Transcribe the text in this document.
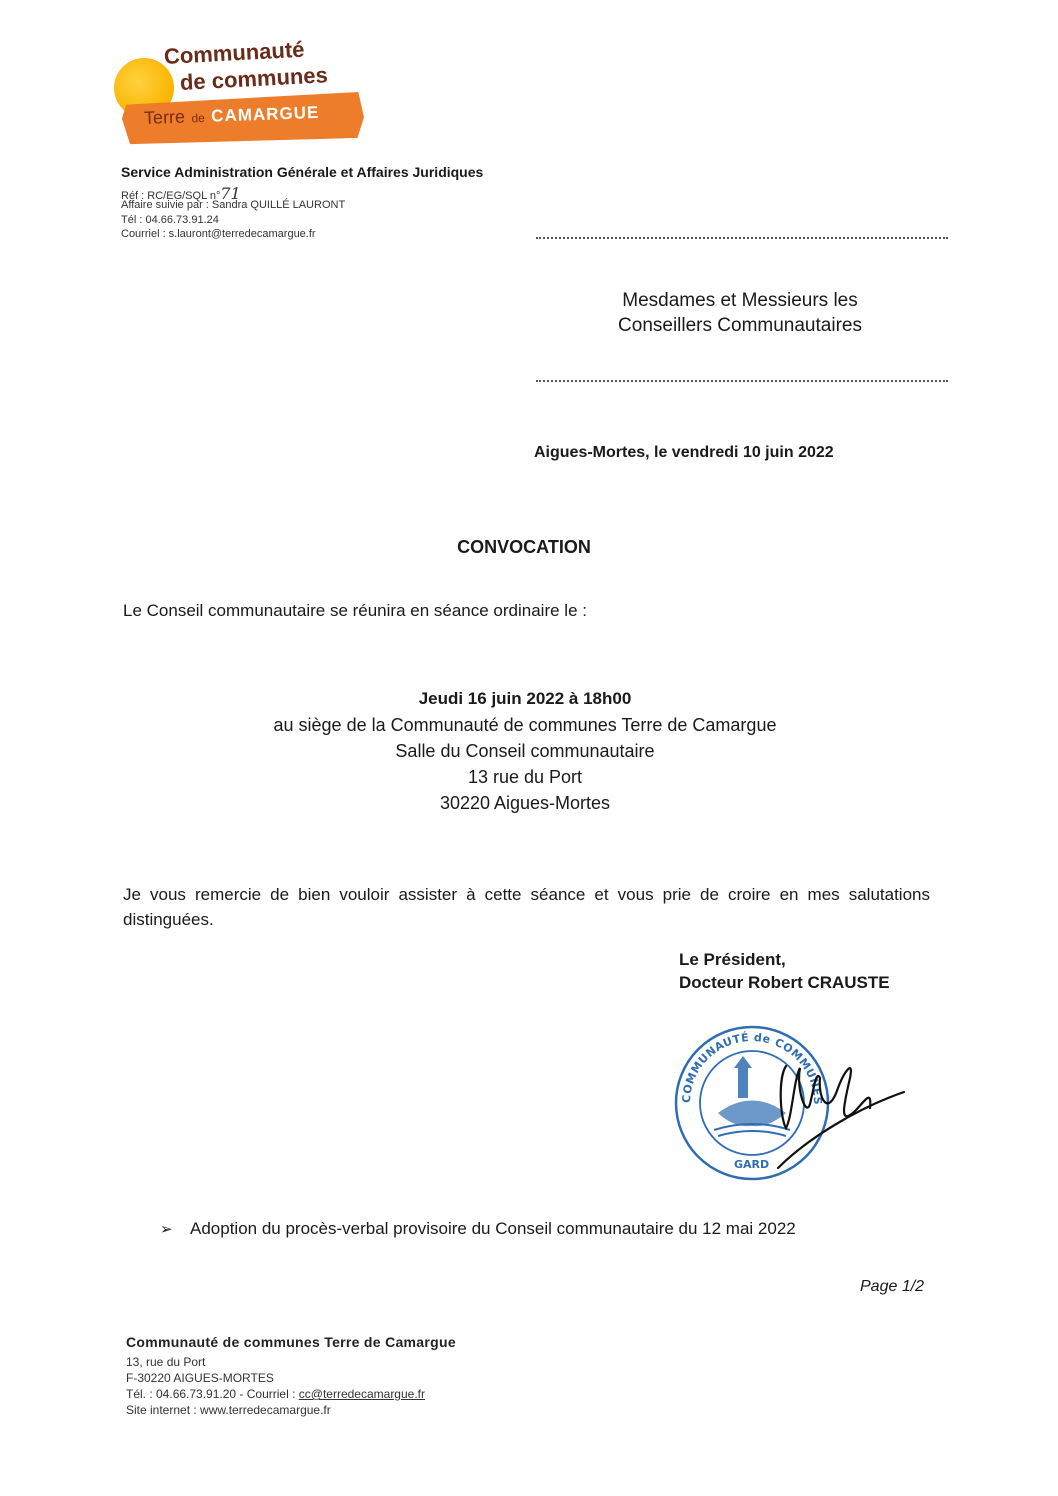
Communauté
de communes
Terre de CAMARGUE
Service Administration Générale et Affaires Juridiques
Réf : RC/EG/SQL n°71
Affaire suivie par : Sandra QUILLÉ LAURONT
Tél : 04.66.73.91.24
Courriel : s.lauront@terredecamargue.fr
Mesdames et Messieurs les
Conseillers Communautaires
Aigues-Mortes, le vendredi 10 juin 2022
CONVOCATION
Le Conseil communautaire se réunira en séance ordinaire le :
Jeudi 16 juin 2022 à 18h00
au siège de la Communauté de communes Terre de Camargue
Salle du Conseil communautaire
13 rue du Port
30220 Aigues-Mortes
Je vous remercie de bien vouloir assister à cette séance et vous prie de croire en mes salutations distinguées.
Le Président,
Docteur Robert CRAUSTE
COMMUNAUTÉ de COMMUNES
GARD
➢ Adoption du procès-verbal provisoire du Conseil communautaire du 12 mai 2022
Page 1/2
Communauté de communes Terre de Camargue
13, rue du Port
F-30220 AIGUES-MORTES
Tél. : 04.66.73.91.20 - Courriel : cc@terredecamargue.fr
Site internet : www.terredecamargue.fr
